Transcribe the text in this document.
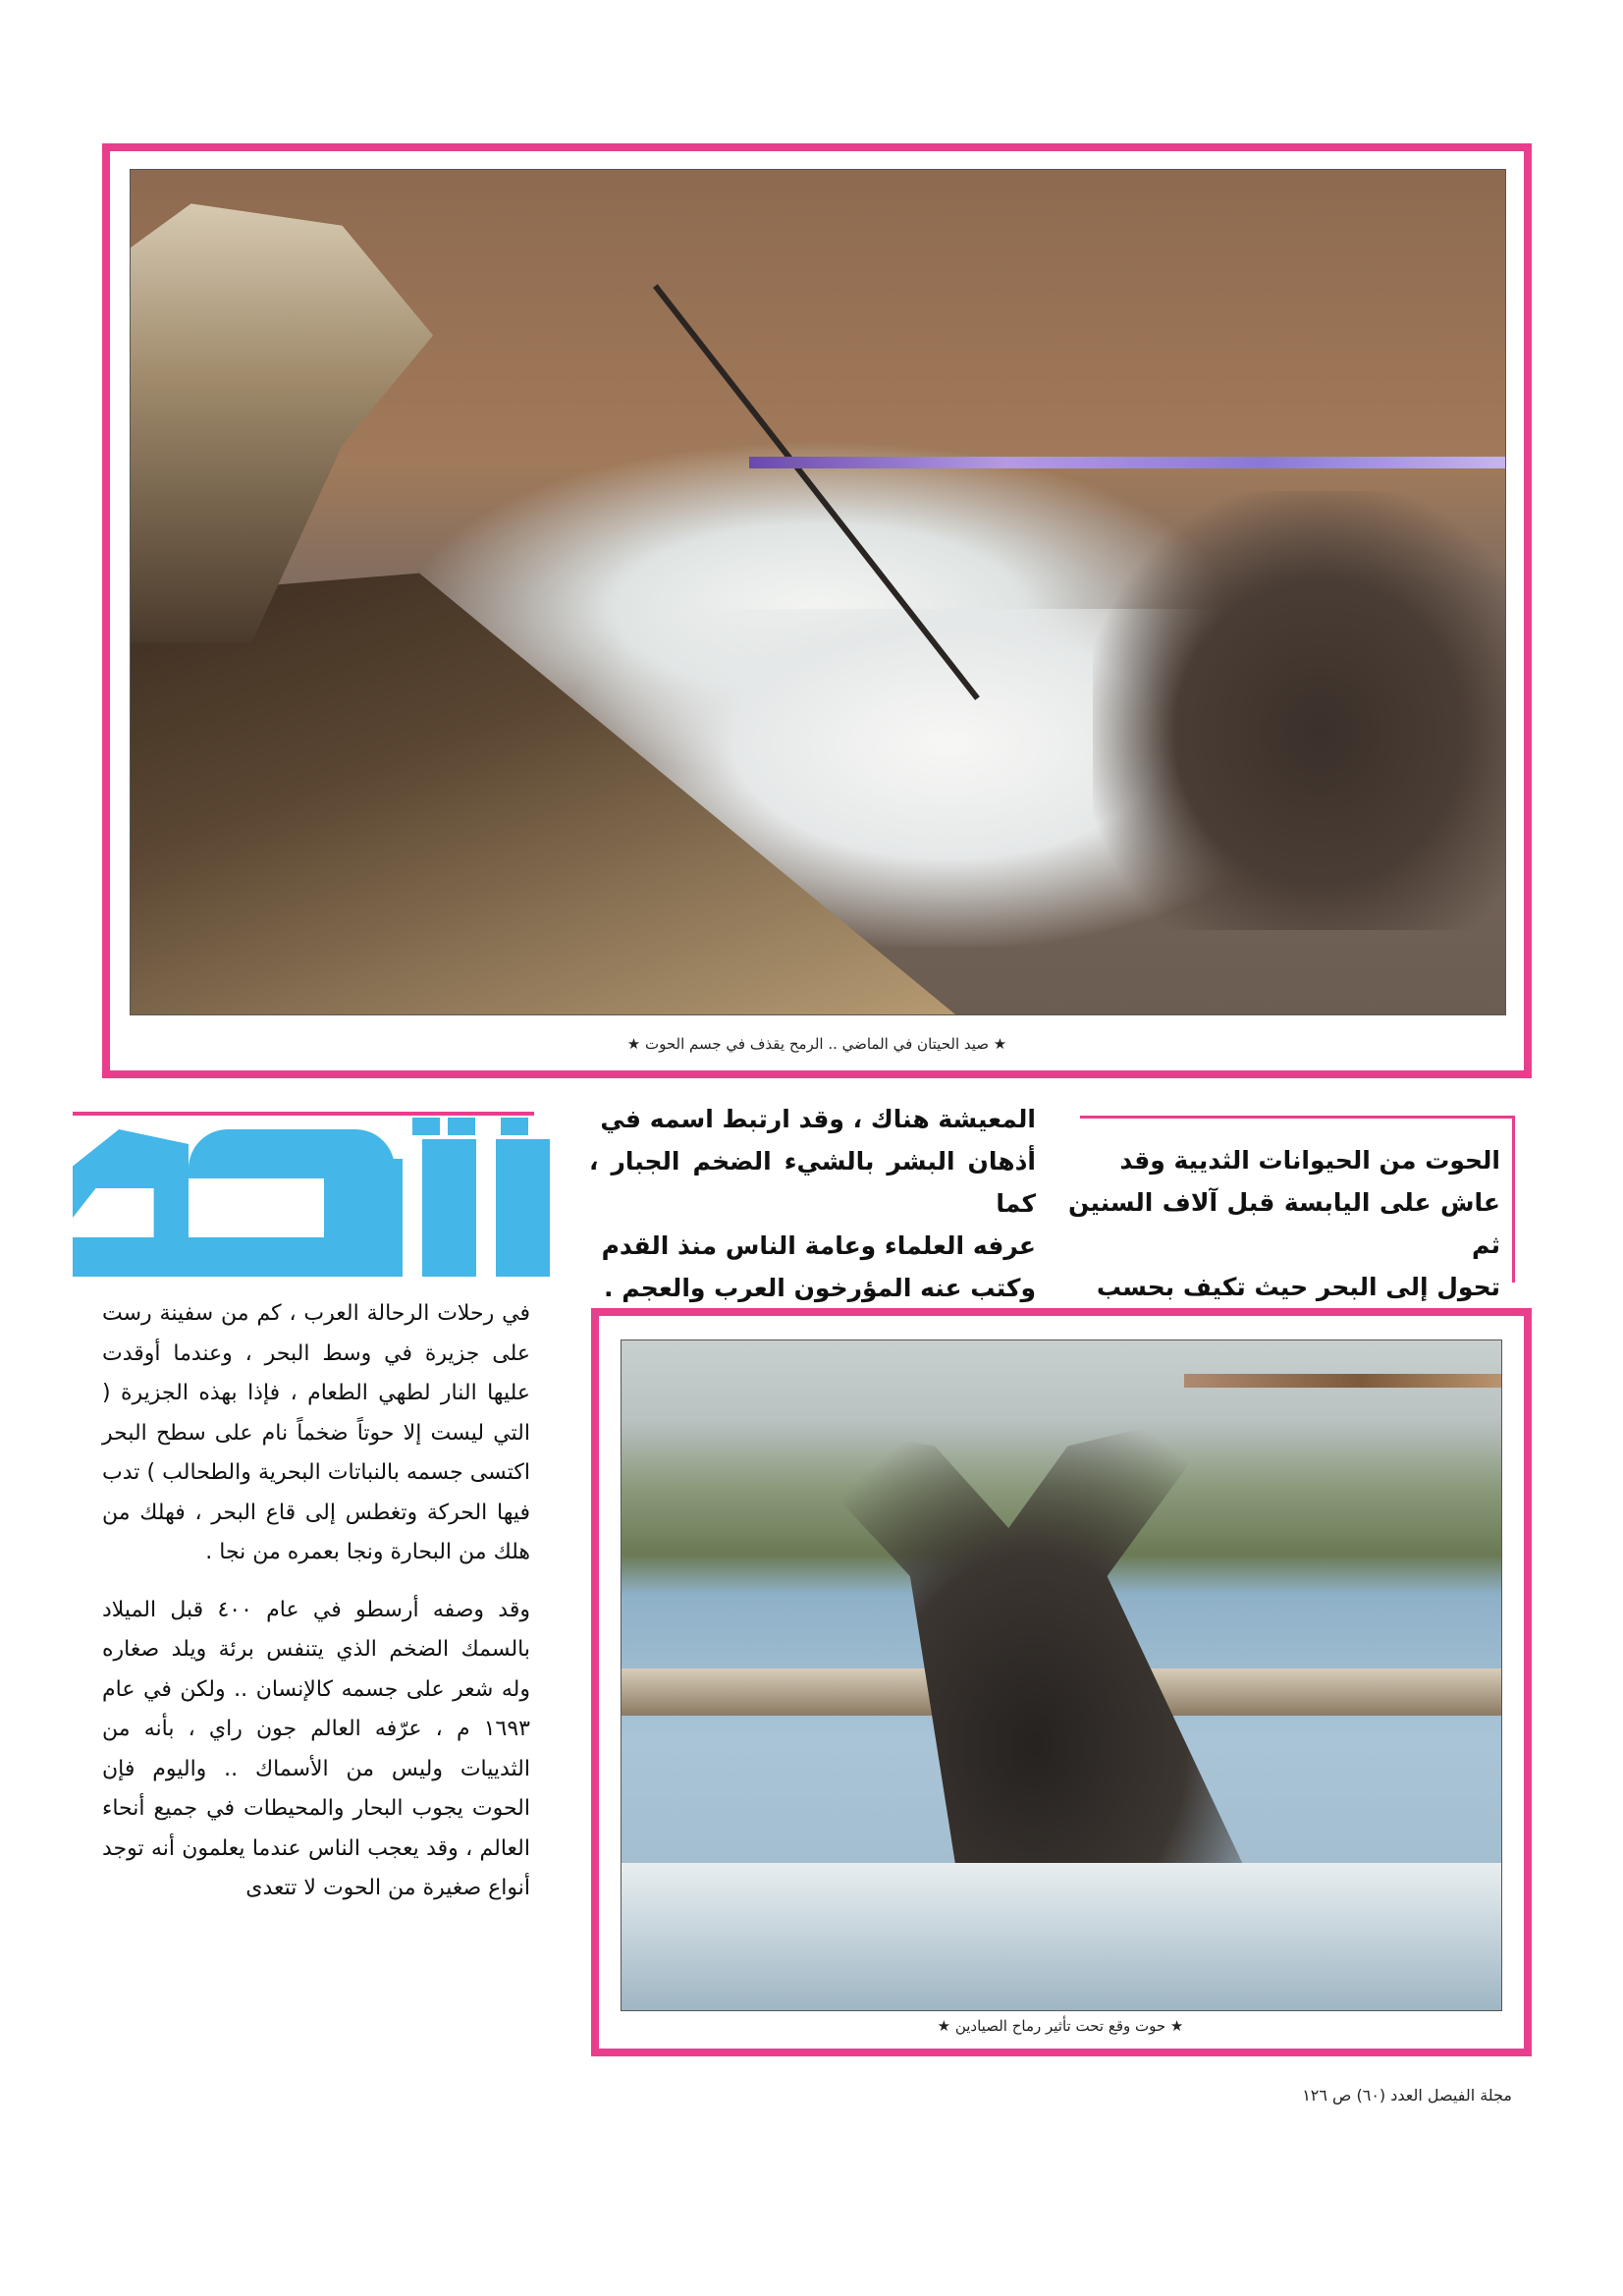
★ صيد الحيتان في الماضي .. الرمح يقذف في جسم الحوت ★
الحوت من الحيوانات الثديية وقد
عاش على اليابسة قبل آلاف السنين ثم
تحول إلى البحر حيث تكيف بحسب
المعيشة هناك ، وقد ارتبط اسمه في
أذهان البشر بالشيء الضخم الجبار ، كما
عرفه العلماء وعامة الناس منذ القدم
وكتب عنه المؤرخون العرب والعجم .

في رحلات الرحالة العرب ، كم من سفينة رست على جزيرة في وسط البحر ، وعندما أوقدت عليها النار لطهي الطعام ، فإذا بهذه الجزيرة ( التي ليست إلا حوتاً ضخماً نام على سطح البحر اكتسى جسمه بالنباتات البحرية والطحالب ) تدب فيها الحركة وتغطس إلى قاع البحر ، فهلك من هلك من البحارة ونجا بعمره من نجا .

وقد وصفه أرسطو في عام ٤٠٠ قبل الميلاد بالسمك الضخم الذي يتنفس برئة ويلد صغاره وله شعر على جسمه كالإنسان .. ولكن في عام ١٦٩٣ م ، عرّفه العالم جون راي ، بأنه من الثدييات وليس من الأسماك .. واليوم فإن الحوت يجوب البحار والمحيطات في جميع أنحاء العالم ، وقد يعجب الناس عندما يعلمون أنه توجد أنواع صغيرة من الحوت لا تتعدى

★ حوت وقع تحت تأثير رماح الصيادين ★
مجلة الفيصل العدد (٦٠) ص ١٢٦
